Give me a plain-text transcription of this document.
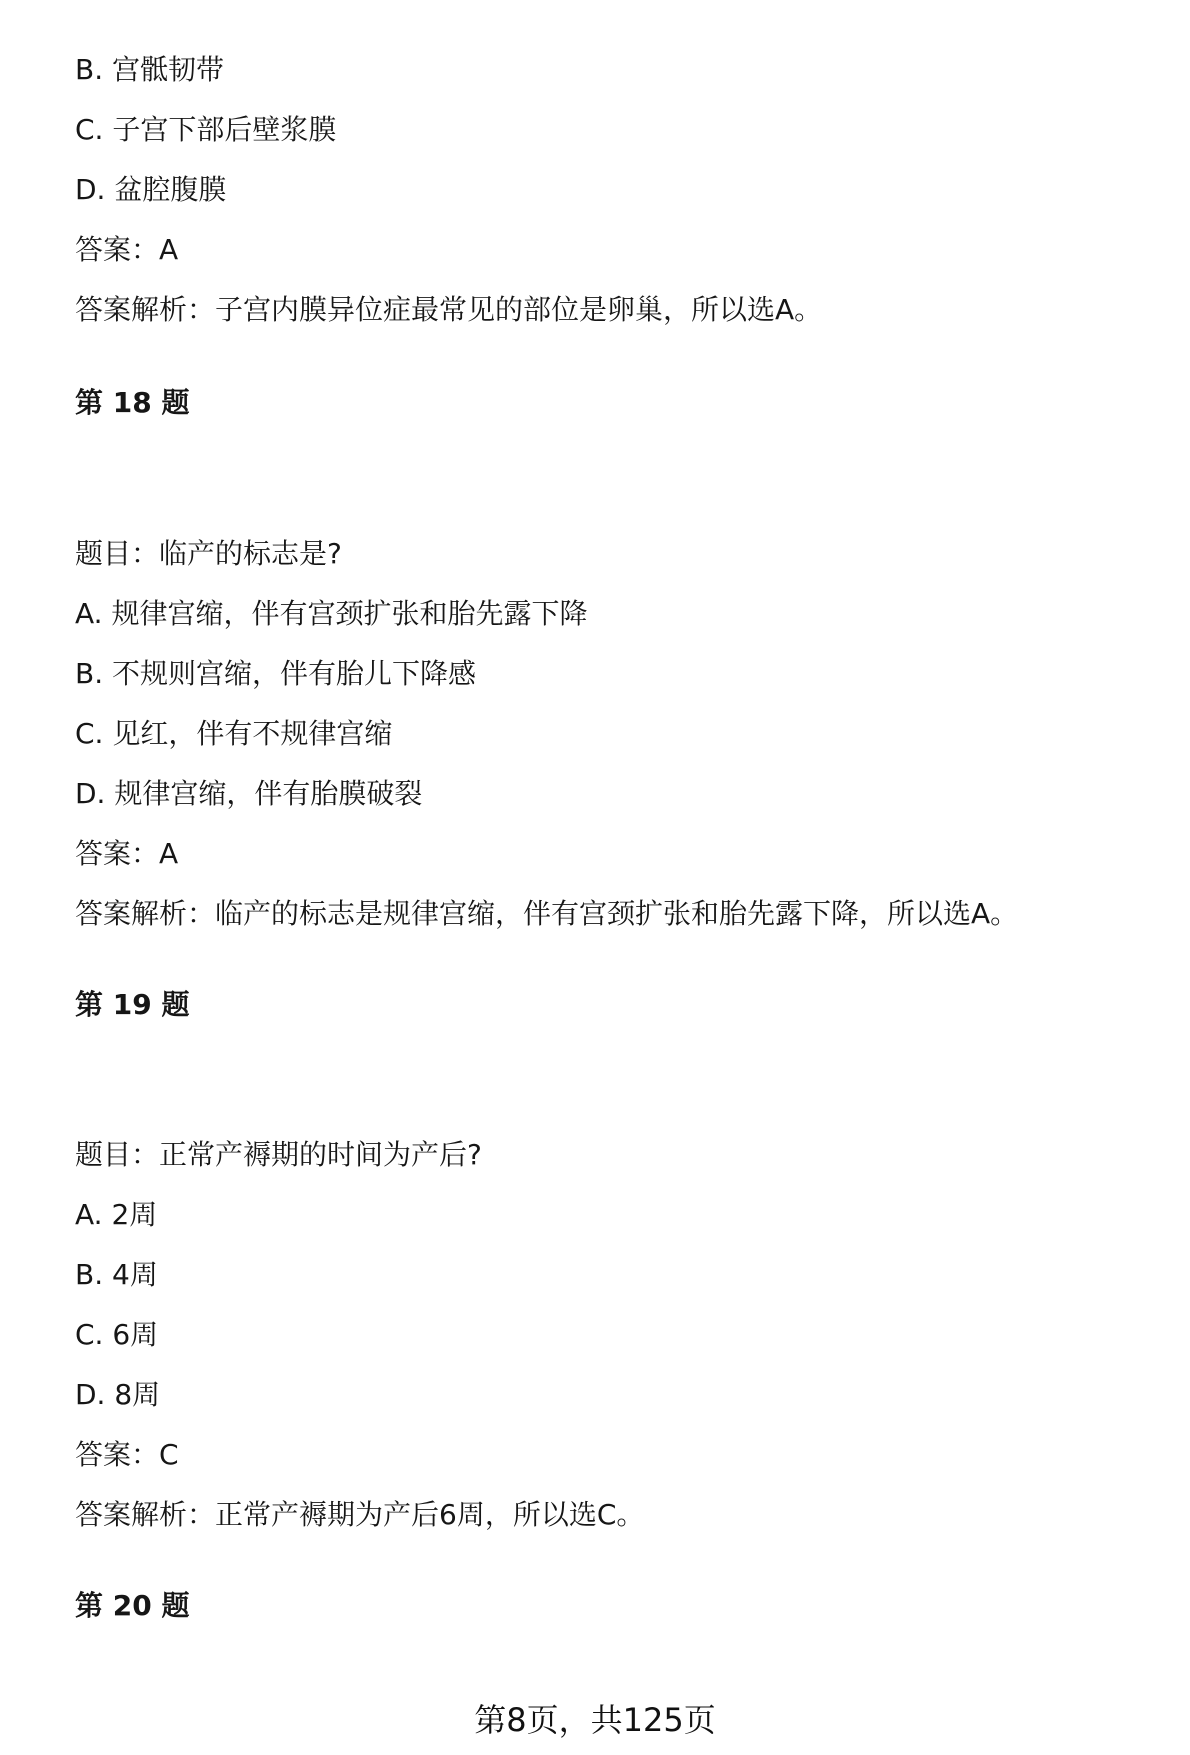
B. 宫骶韧带
C. 子宫下部后壁浆膜
D. 盆腔腹膜
答案：A
答案解析：子宫内膜异位症最常见的部位是卵巢，所以选A。
第 18 题
题目：临产的标志是?
A. 规律宫缩，伴有宫颈扩张和胎先露下降
B. 不规则宫缩，伴有胎儿下降感
C. 见红，伴有不规律宫缩
D. 规律宫缩，伴有胎膜破裂
答案：A
答案解析：临产的标志是规律宫缩，伴有宫颈扩张和胎先露下降，所以选A。
第 19 题
题目：正常产褥期的时间为产后?
A. 2周
B. 4周
C. 6周
D. 8周
答案：C
答案解析：正常产褥期为产后6周，所以选C。
第 20 题
第8页，共125页
